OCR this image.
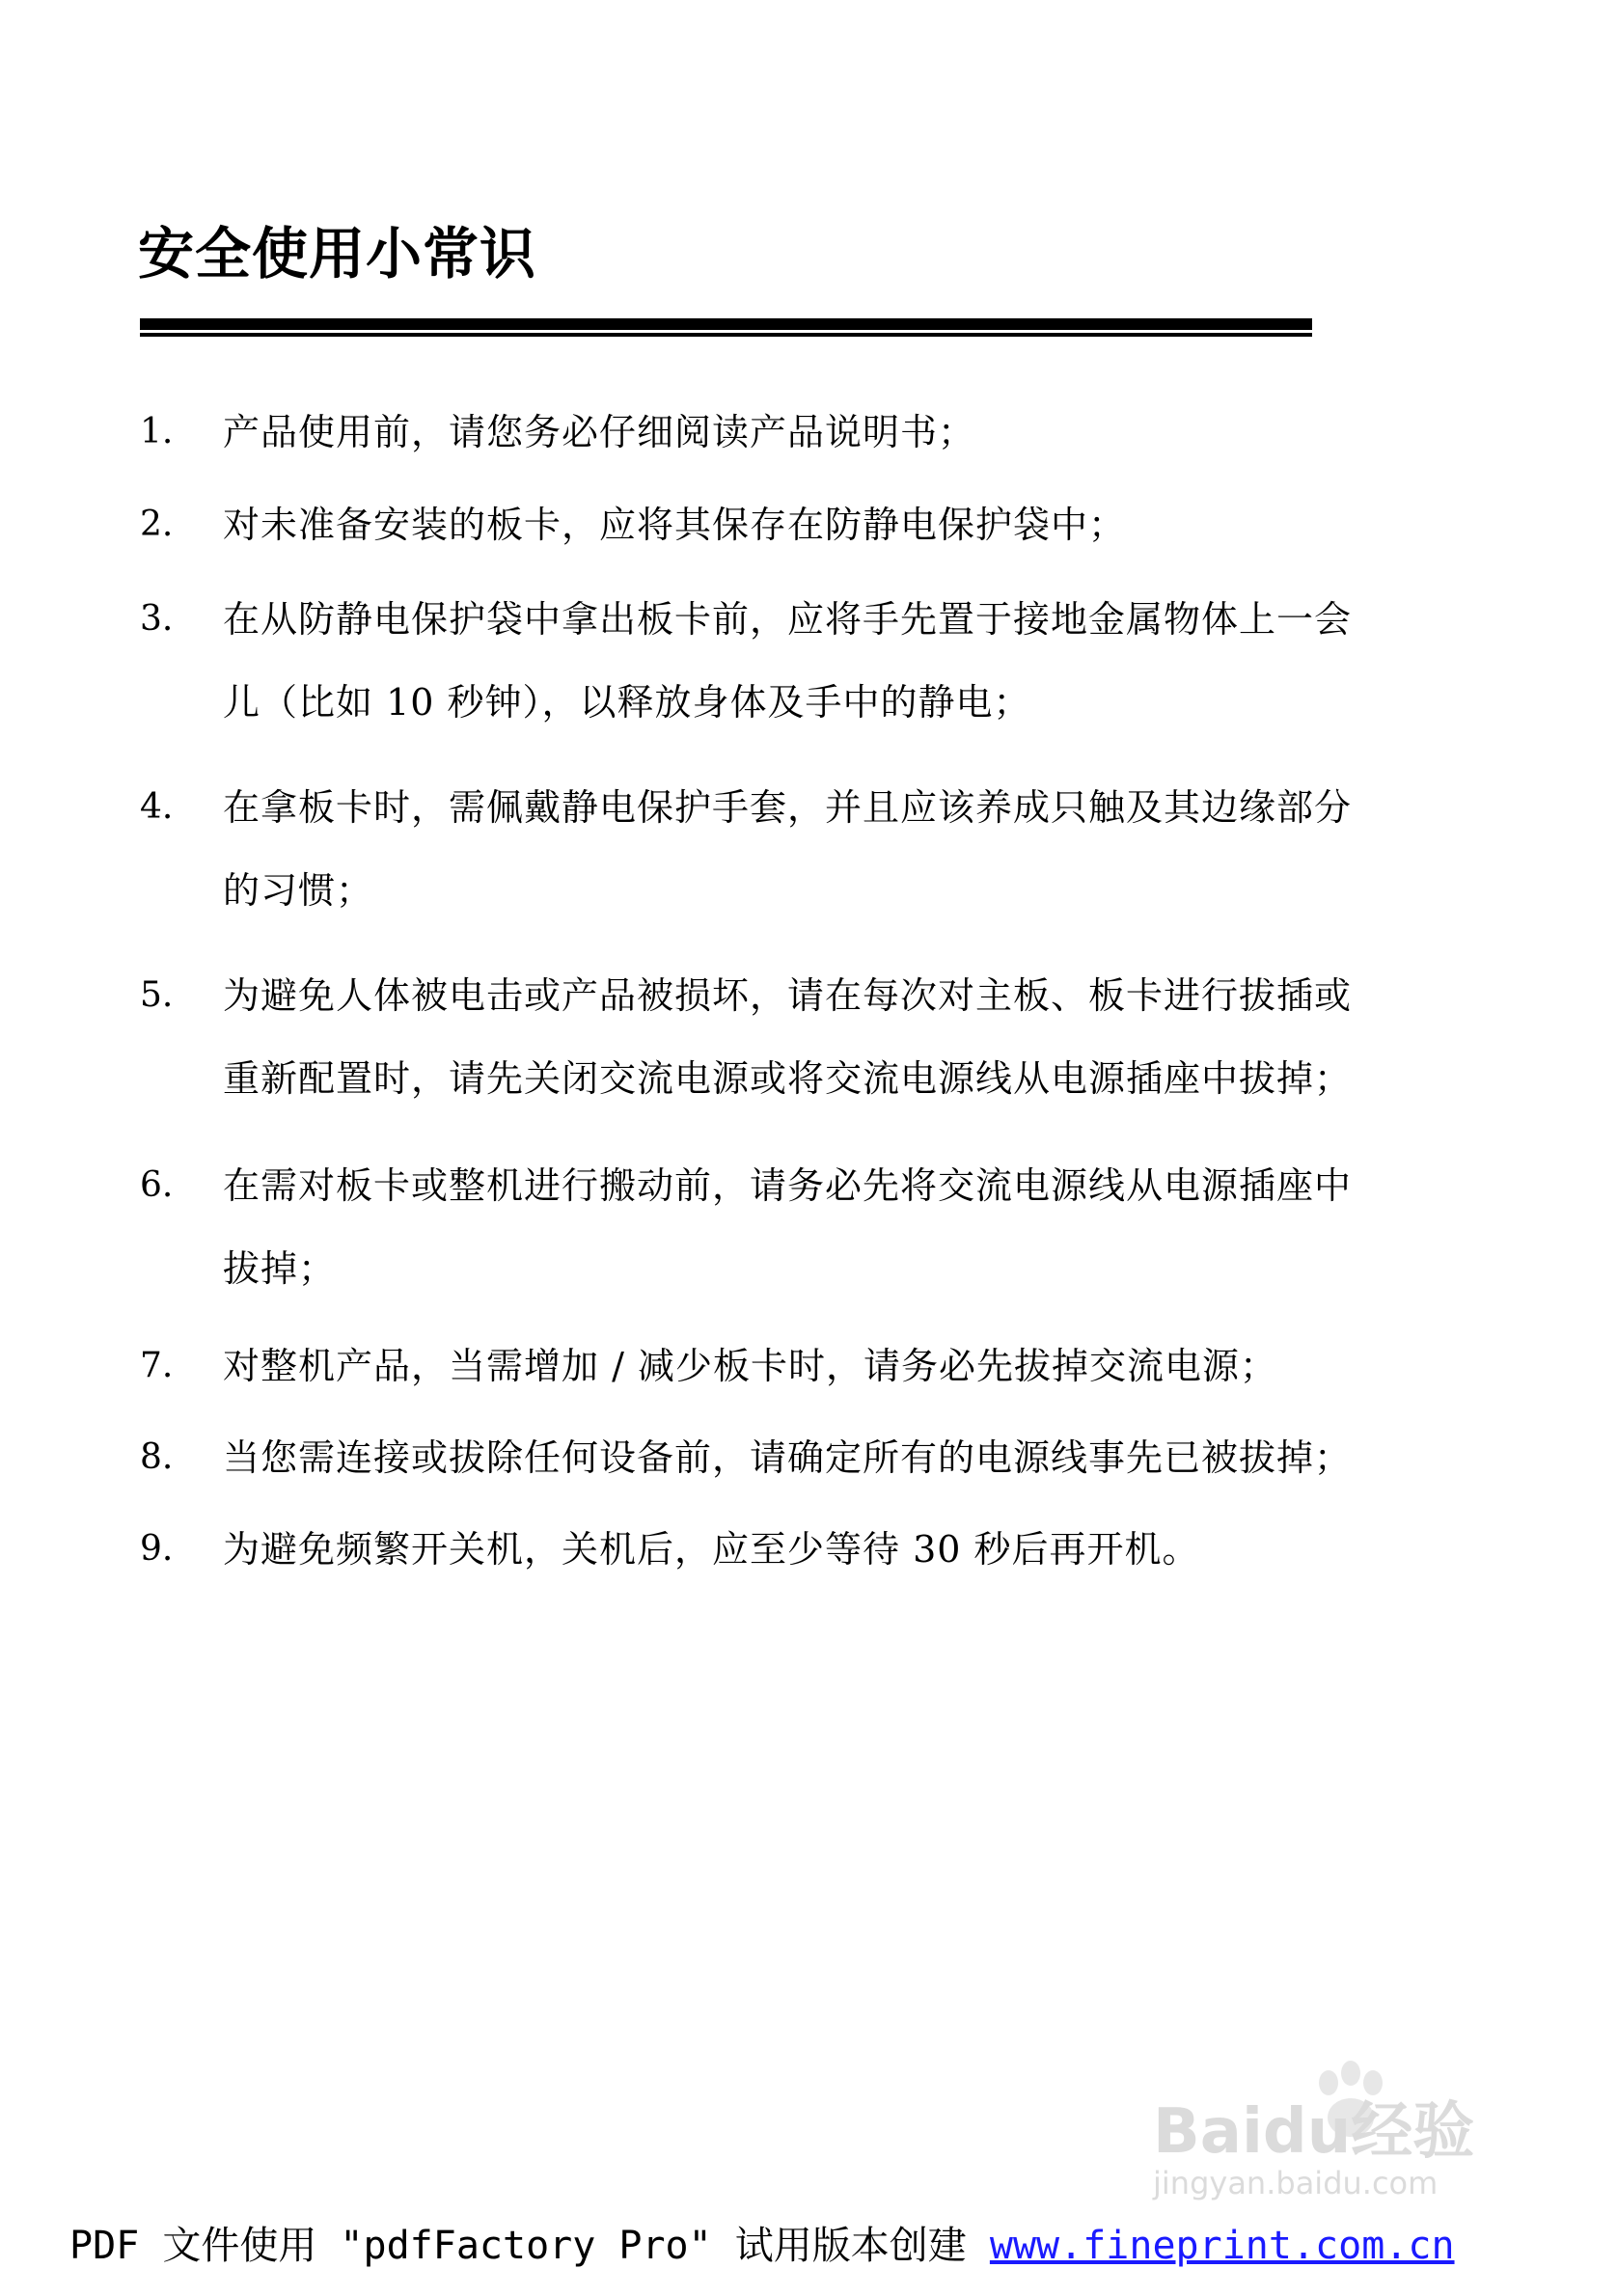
安全使用小常识
1. 产品使用前，请您务必仔细阅读产品说明书；
2. 对未准备安装的板卡，应将其保存在防静电保护袋中；
3. 在从防静电保护袋中拿出板卡前，应将手先置于接地金属物体上一会
儿（比如 10 秒钟），以释放身体及手中的静电；
4. 在拿板卡时，需佩戴静电保护手套，并且应该养成只触及其边缘部分
的习惯；
5. 为避免人体被电击或产品被损坏，请在每次对主板、板卡进行拔插或
重新配置时，请先关闭交流电源或将交流电源线从电源插座中拔掉；
6. 在需对板卡或整机进行搬动前，请务必先将交流电源线从电源插座中
拔掉；
7. 对整机产品，当需增加 / 减少板卡时，请务必先拔掉交流电源；
8. 当您需连接或拔除任何设备前，请确定所有的电源线事先已被拔掉；
9. 为避免频繁开关机，关机后，应至少等待 30 秒后再开机。
Baidu经验
jingyan.baidu.com
PDF 文件使用 "pdfFactory Pro" 试用版本创建 www.fineprint.com.cn
